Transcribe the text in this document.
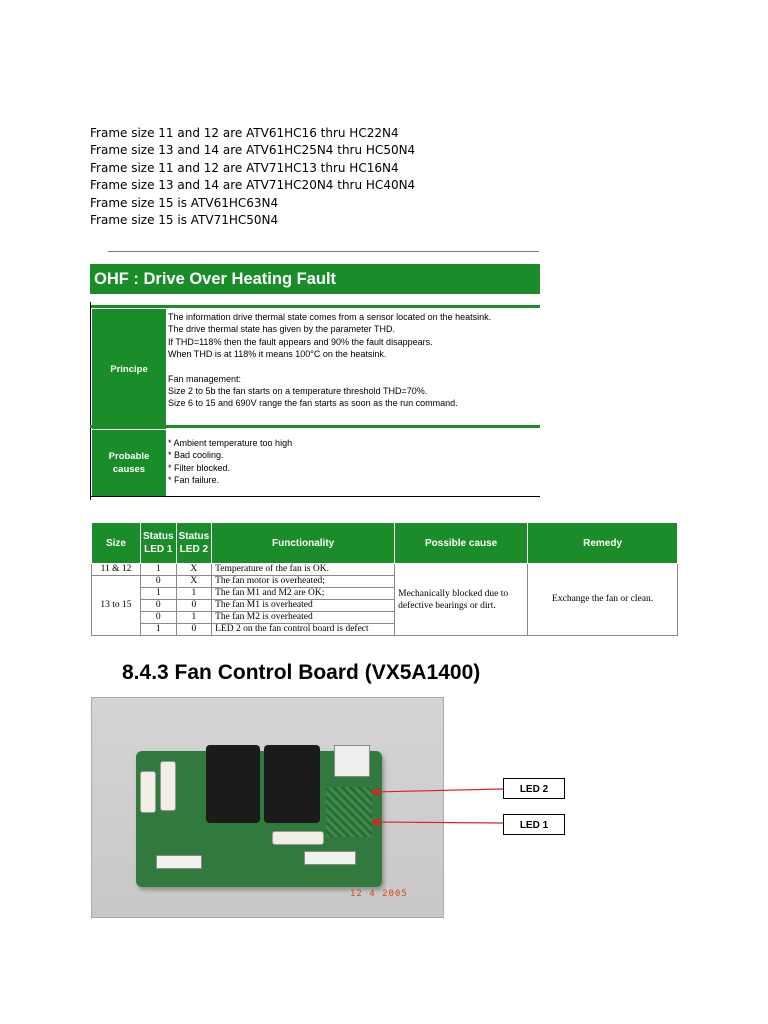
Frame size 11 and 12 are ATV61HC16 thru HC22N4
Frame size 13 and 14 are ATV61HC25N4 thru HC50N4
Frame size 11 and 12 are ATV71HC13 thru HC16N4
Frame size 13 and 14 are ATV71HC20N4 thru HC40N4
Frame size 15 is ATV61HC63N4
Frame size 15 is ATV71HC50N4
OHF : Drive Over Heating Fault
Principe
The information drive thermal state comes from a sensor located on the heatsink.
The drive thermal state has given by the parameter THD.
If THD=118% then the fault appears and 90% the fault disappears.
When THD is at 118% it means 100°C on the heatsink.
Fan management:
Size 2 to 5b the fan starts on a temperature threshold THD=70%.
Size 6 to 15 and 690V range the fan starts as soon as the run command.
Probable causes
* Ambient temperature too high
* Bad cooling.
* Filter blocked.
* Fan failure.
Size	Status LED 1	Status LED 2	Functionality	Possible cause	Remedy
11 & 12	1	X	Temperature of the fan is OK.	Mechanically blocked due to defective bearings or dirt.	Exchange the fan or clean.
13 to 15	0	X	The fan motor is overheated;		
	1	1	The fan M1 and M2 are OK;		
	0	0	The fan M1 is overheated		
	0	1	The fan M2 is overheated		
	1	0	LED 2 on the fan control board is defect		
8.4.3 Fan Control Board (VX5A1400)
12 4 2005
LED 2
LED 1
